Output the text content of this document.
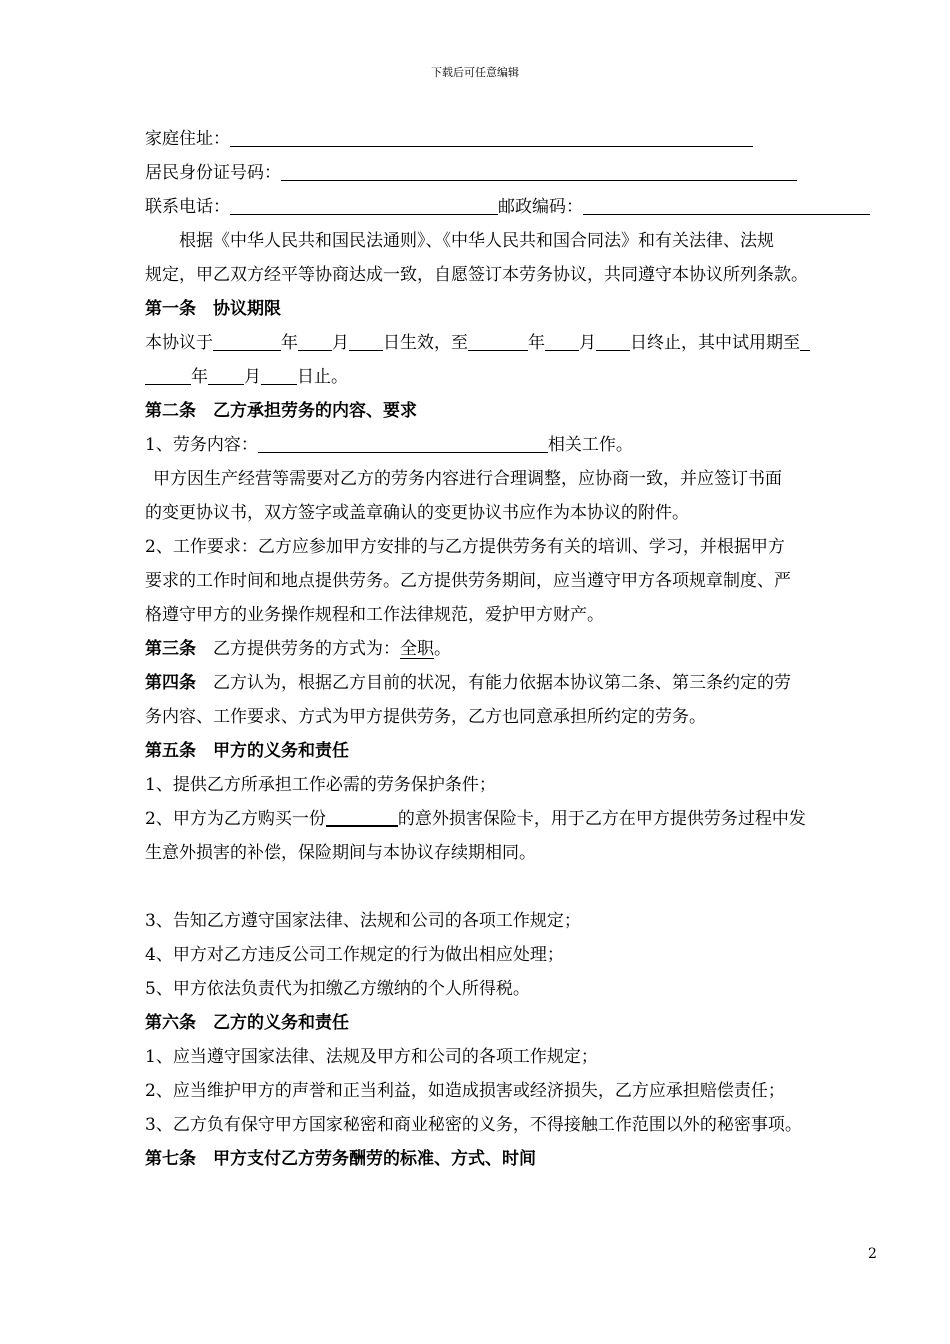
下载后可任意编辑
家庭住址：
居民身份证号码：
联系电话：	邮政编码：
根据《中华人民共和国民法通则》、《中华人民共和国合同法》和有关法律、法规
规定，甲乙双方经平等协商达成一致，自愿签订本劳务协议，共同遵守本协议所列条款。
第一条　协议期限
本协议于	年 月 日生效，至	年 月 日终止，其中试用期至
年 月 日止。
第二条　乙方承担劳务的内容、要求
1、劳务内容：	相关工作。
甲方因生产经营等需要对乙方的劳务内容进行合理调整，应协商一致，并应签订书面
的变更协议书，双方签字或盖章确认的变更协议书应作为本协议的附件。
2、工作要求：乙方应参加甲方安排的与乙方提供劳务有关的培训、学习，并根据甲方
要求的工作时间和地点提供劳务。乙方提供劳务期间，应当遵守甲方各项规章制度、严
格遵守甲方的业务操作规程和工作法律规范，爱护甲方财产。
第三条 乙方提供劳务的方式为：全职。
第四条 乙方认为，根据乙方目前的状况，有能力依据本协议第二条、第三条约定的劳
务内容、工作要求、方式为甲方提供劳务，乙方也同意承担所约定的劳务。
第五条　甲方的义务和责任
1、提供乙方所承担工作必需的劳务保护条件；
2、甲方为乙方购买一份	的意外损害保险卡，用于乙方在甲方提供劳务过程中发
生意外损害的补偿，保险期间与本协议存续期相同。
3、告知乙方遵守国家法律、法规和公司的各项工作规定；
4、甲方对乙方违反公司工作规定的行为做出相应处理；
5、甲方依法负责代为扣缴乙方缴纳的个人所得税。
第六条　乙方的义务和责任
1、应当遵守国家法律、法规及甲方和公司的各项工作规定；
2、应当维护甲方的声誉和正当利益，如造成损害或经济损失，乙方应承担赔偿责任；
3、乙方负有保守甲方国家秘密和商业秘密的义务，不得接触工作范围以外的秘密事项。
第七条　甲方支付乙方劳务酬劳的标准、方式、时间
2
